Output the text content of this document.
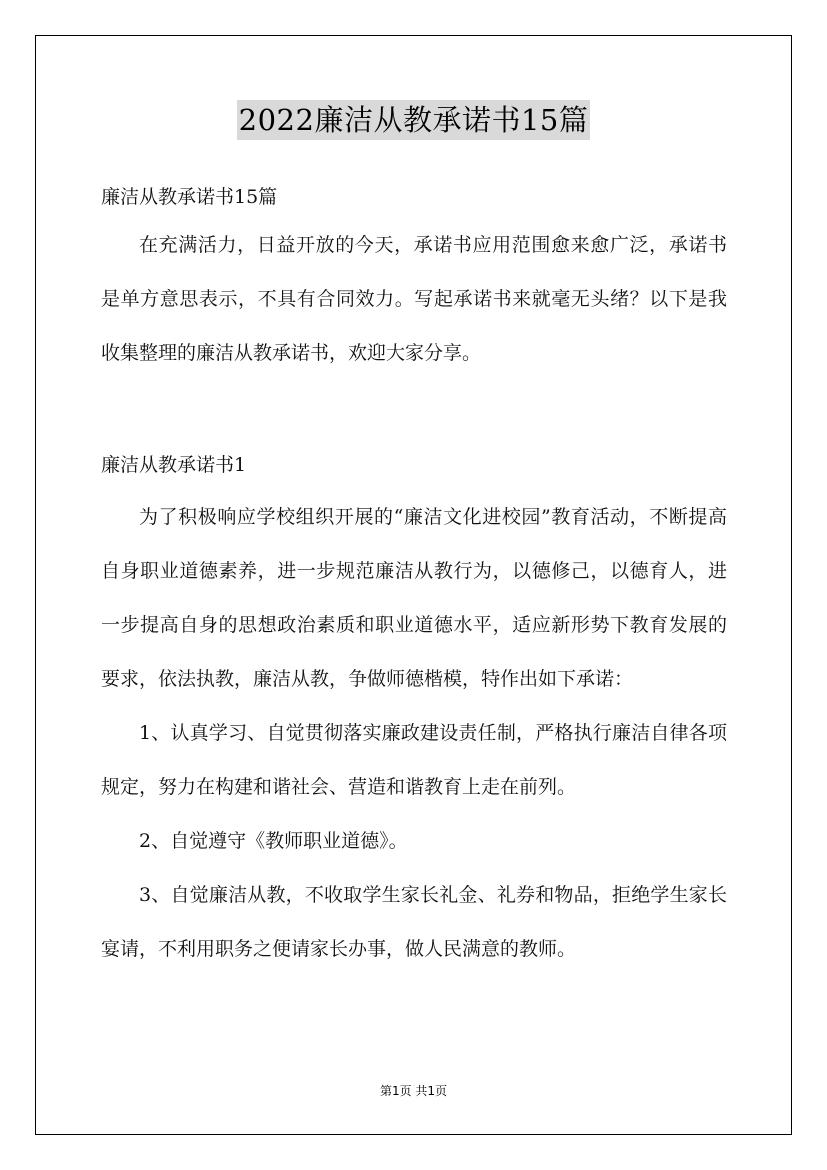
2022廉洁从教承诺书15篇

廉洁从教承诺书15篇

在充满活力，日益开放的今天，承诺书应用范围愈来愈广泛，承诺书是单方意思表示，不具有合同效力。写起承诺书来就毫无头绪？以下是我收集整理的廉洁从教承诺书，欢迎大家分享。

廉洁从教承诺书1

为了积极响应学校组织开展的“廉洁文化进校园”教育活动，不断提高自身职业道德素养，进一步规范廉洁从教行为，以德修己，以德育人，进一步提高自身的思想政治素质和职业道德水平，适应新形势下教育发展的要求，依法执教，廉洁从教，争做师德楷模，特作出如下承诺：

1、认真学习、自觉贯彻落实廉政建设责任制，严格执行廉洁自律各项规定，努力在构建和谐社会、营造和谐教育上走在前列。

2、自觉遵守《教师职业道德》。

3、自觉廉洁从教，不收取学生家长礼金、礼券和物品，拒绝学生家长宴请，不利用职务之便请家长办事，做人民满意的教师。

第1页 共1页
